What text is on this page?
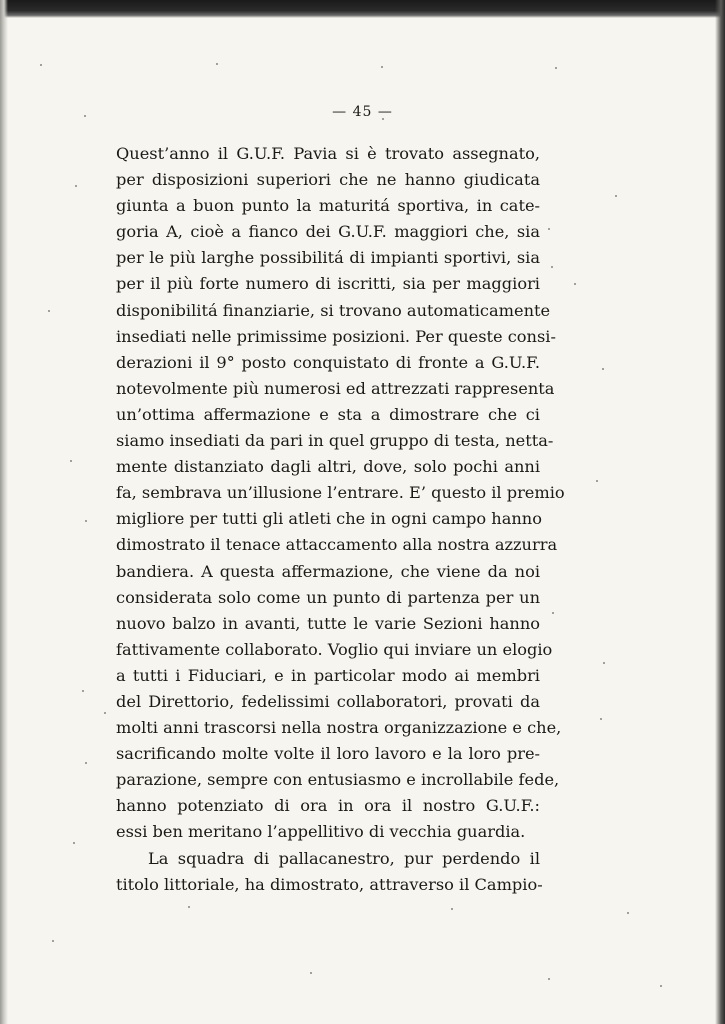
— 45 —
Quest’anno il G.U.F. Pavia si è trovato assegnato,
per disposizioni superiori che ne hanno giudicata
giunta a buon punto la maturitá sportiva, in cate-
goria A, cioè a fianco dei G.U.F. maggiori che, sia
per le più larghe possibilitá di impianti sportivi, sia
per il più forte numero di iscritti, sia per maggiori
disponibilitá finanziarie, si trovano automaticamente
insediati nelle primissime posizioni. Per queste consi-
derazioni il 9° posto conquistato di fronte a G.U.F.
notevolmente più numerosi ed attrezzati rappresenta
un’ottima affermazione e sta a dimostrare che ci
siamo insediati da pari in quel gruppo di testa, netta-
mente distanziato dagli altri, dove, solo pochi anni
fa, sembrava un’illusione l’entrare. E’ questo il premio
migliore per tutti gli atleti che in ogni campo hanno
dimostrato il tenace attaccamento alla nostra azzurra
bandiera. A questa affermazione, che viene da noi
considerata solo come un punto di partenza per un
nuovo balzo in avanti, tutte le varie Sezioni hanno
fattivamente collaborato. Voglio qui inviare un elogio
a tutti i Fiduciari, e in particolar modo ai membri
del Direttorio, fedelissimi collaboratori, provati da
molti anni trascorsi nella nostra organizzazione e che,
sacrificando molte volte il loro lavoro e la loro pre-
parazione, sempre con entusiasmo e incrollabile fede,
hanno potenziato di ora in ora il nostro G.U.F.:
essi ben meritano l’appellitivo di vecchia guardia.
La squadra di pallacanestro, pur perdendo il
titolo littoriale, ha dimostrato, attraverso il Campio-
